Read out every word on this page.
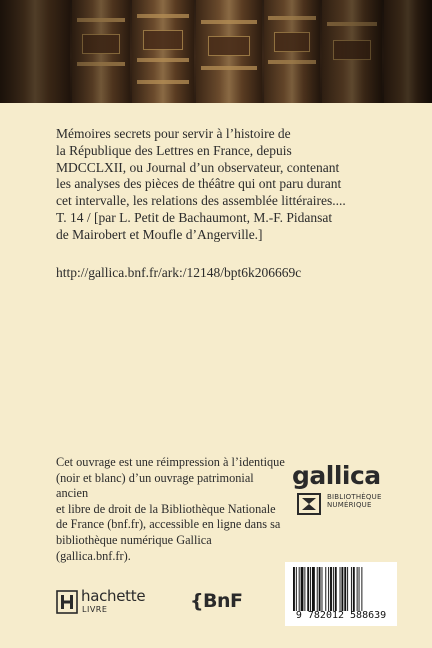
Mémoires secrets pour servir à l’histoire de
la République des Lettres en France, depuis
MDCCLXII, ou Journal d’un observateur, contenant
les analyses des pièces de théâtre qui ont paru durant
cet intervalle, les relations des assemblée littéraires....
T. 14 / [par L. Petit de Bachaumont, M.-F. Pidansat
de Mairobert et Moufle d’Angerville.]
http://gallica.bnf.fr/ark:/12148/bpt6k206669c
Cet ouvrage est une réimpression à l’identique
(noir et blanc) d’un ouvrage patrimonial ancien
et libre de droit de la Bibliothèque Nationale
de France (bnf.fr), accessible en ligne dans sa
bibliothèque numérique Gallica (gallica.bnf.fr).
gallica
BIBLIOTHÈQUE
NUMÉRIQUE
hachette
LIVRE	{BnF
9 782012 588639
